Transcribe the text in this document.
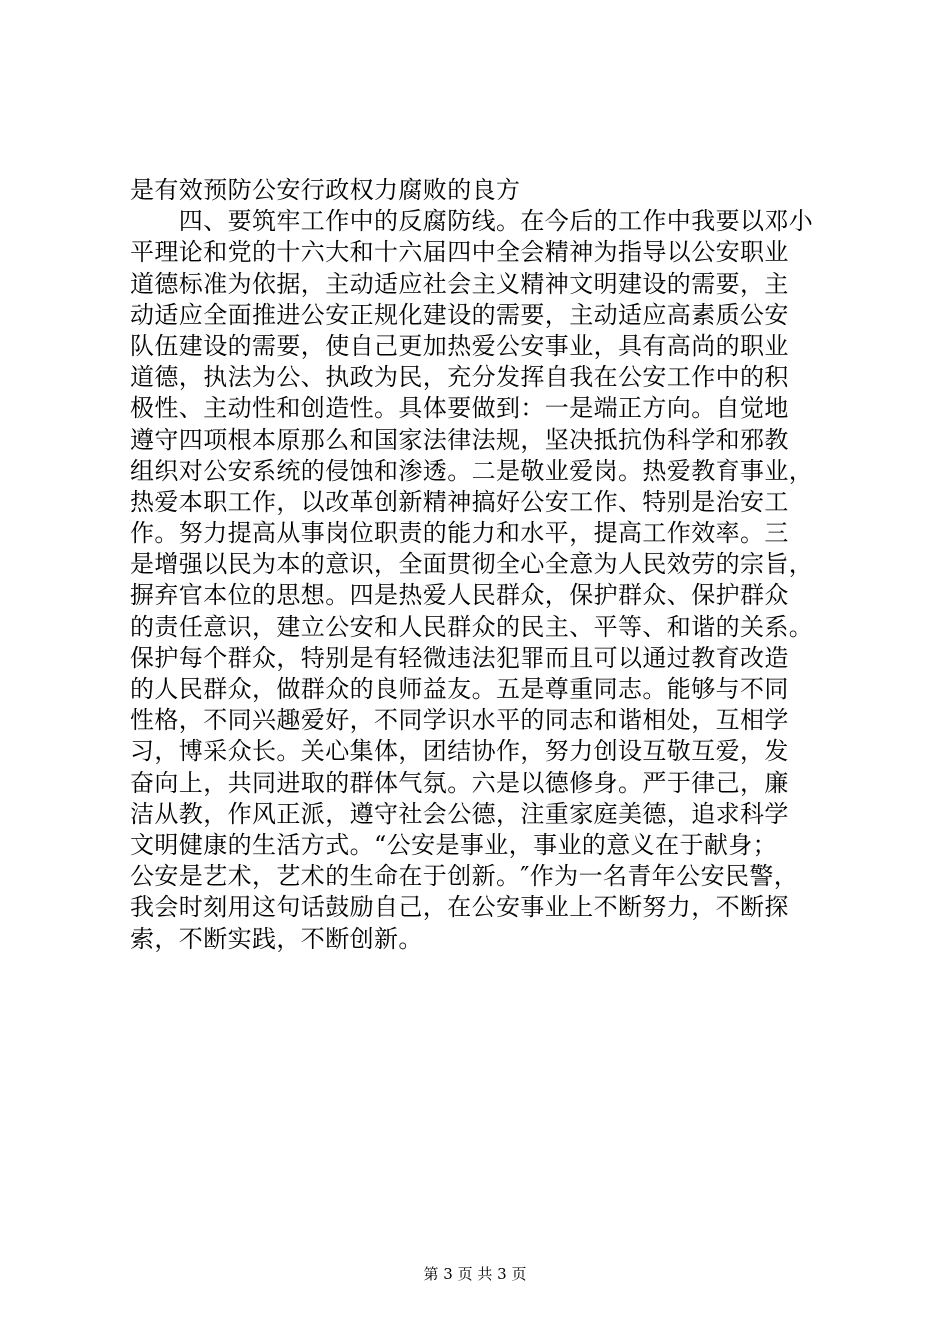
是有效预防公安行政权力腐败的良方
　　四、要筑牢工作中的反腐防线。在今后的工作中我要以邓小
平理论和党的十六大和十六届四中全会精神为指导以公安职业
道德标准为依据，主动适应社会主义精神文明建设的需要，主
动适应全面推进公安正规化建设的需要，主动适应高素质公安
队伍建设的需要，使自己更加热爱公安事业，具有高尚的职业
道德，执法为公、执政为民，充分发挥自我在公安工作中的积
极性、主动性和创造性。具体要做到：一是端正方向。自觉地
遵守四项根本原那么和国家法律法规，坚决抵抗伪科学和邪教
组织对公安系统的侵蚀和渗透。二是敬业爱岗。热爱教育事业，
热爱本职工作，以改革创新精神搞好公安工作、特别是治安工
作。努力提高从事岗位职责的能力和水平，提高工作效率。三
是增强以民为本的意识，全面贯彻全心全意为人民效劳的宗旨，
摒弃官本位的思想。四是热爱人民群众，保护群众、保护群众
的责任意识，建立公安和人民群众的民主、平等、和谐的关系。
保护每个群众，特别是有轻微违法犯罪而且可以通过教育改造
的人民群众，做群众的良师益友。五是尊重同志。能够与不同
性格，不同兴趣爱好，不同学识水平的同志和谐相处，互相学
习，博采众长。关心集体，团结协作，努力创设互敬互爱，发
奋向上，共同进取的群体气氛。六是以德修身。严于律己，廉
洁从教，作风正派，遵守社会公德，注重家庭美德，追求科学
文明健康的生活方式。“公安是事业，事业的意义在于献身；
公安是艺术，艺术的生命在于创新。″作为一名青年公安民警，
我会时刻用这句话鼓励自己，在公安事业上不断努力，不断探
索，不断实践，不断创新。
第 3 页 共 3 页
